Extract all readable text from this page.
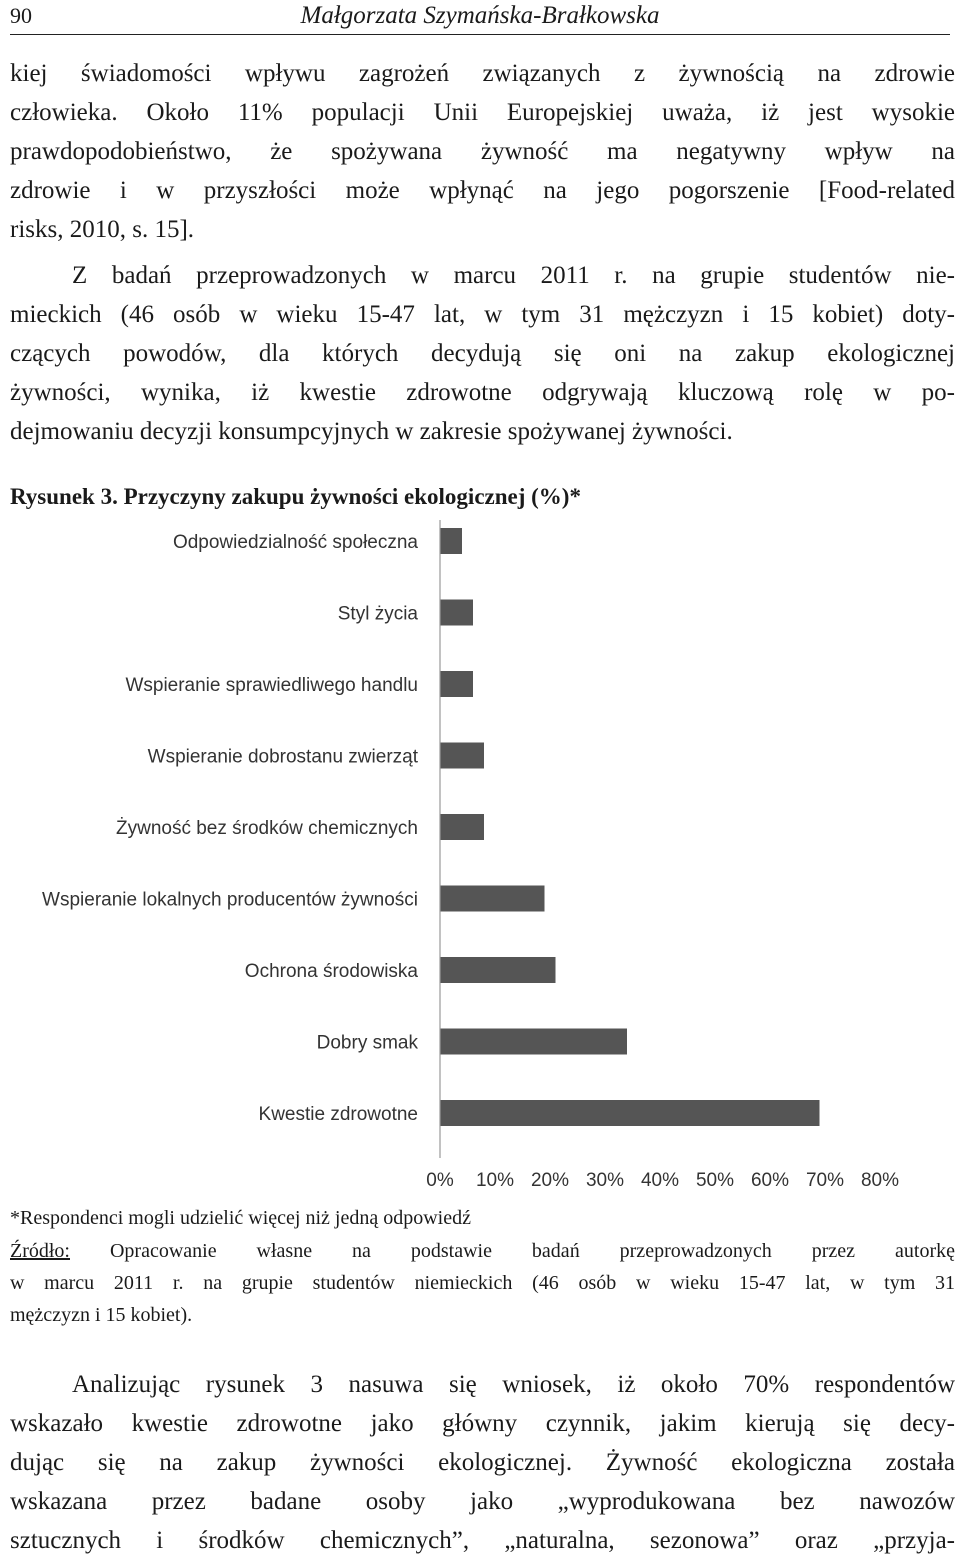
90	Małgorzata Szymańska-Brałkowska

kiej świadomości wpływu zagrożeń związanych z żywnością na zdrowie
człowieka. Około 11% populacji Unii Europejskiej uważa, iż jest wysokie
prawdopodobieństwo, że spożywana żywność ma negatywny wpływ na
zdrowie i w przyszłości może wpłynąć na jego pogorszenie [Food-related
risks, 2010, s. 15].

Z badań przeprowadzonych w marcu 2011 r. na grupie studentów nie-
mieckich (46 osób w wieku 15-47 lat, w tym 31 mężczyzn i 15 kobiet) doty-
czących powodów, dla których decydują się oni na zakup ekologicznej
żywności, wynika, iż kwestie zdrowotne odgrywają kluczową rolę w po-
dejmowaniu decyzji konsumpcyjnych w zakresie spożywanej żywności.

Rysunek 3. Przyczyny zakupu żywności ekologicznej (%)*
Odpowiedzialność społeczna
Styl życia
Wspieranie sprawiedliwego handlu
Wspieranie dobrostanu zwierząt
Żywność bez środków chemicznych
Wspieranie lokalnych producentów żywności
Ochrona środowiska
Dobry smak
Kwestie zdrowotne
0% 10% 20% 30% 40% 50% 60% 70% 80%

*Respondenci mogli udzielić więcej niż jedną odpowiedź

Źródło: Opracowanie własne na podstawie badań przeprowadzonych przez autorkę
w marcu 2011 r. na grupie studentów niemieckich (46 osób w wieku 15-47 lat, w tym 31
mężczyzn i 15 kobiet).

Analizując rysunek 3 nasuwa się wniosek, iż około 70% respondentów
wskazało kwestie zdrowotne jako główny czynnik, jakim kierują się decy-
dując się na zakup żywności ekologicznej. Żywność ekologiczna została
wskazana przez badane osoby jako „wyprodukowana bez nawozów
sztucznych i środków chemicznych”, „naturalna, sezonowa” oraz „przyja-
